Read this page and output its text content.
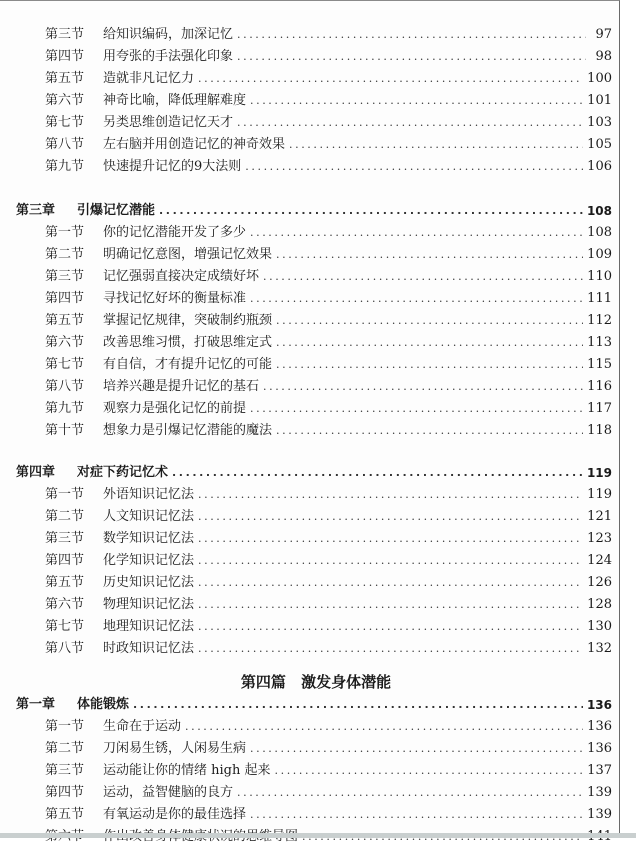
第三节	给知识编码，加深记忆 .....	97
第四节	用夸张的手法强化印象 .....	98
第五节	造就非凡记忆力 .....	100
第六节	神奇比喻，降低理解难度 .....	101
第七节	另类思维创造记忆天才 .....	103
第八节	左右脑并用创造记忆的神奇效果 .....	105
第九节	快速提升记忆的9大法则 .....	106
第三章	引爆记忆潜能 .....	108
第一节	你的记忆潜能开发了多少 .....	108
第二节	明确记忆意图，增强记忆效果 .....	109
第三节	记忆强弱直接决定成绩好坏 .....	110
第四节	寻找记忆好坏的衡量标准 .....	111
第五节	掌握记忆规律，突破制约瓶颈 .....	112
第六节	改善思维习惯，打破思维定式 .....	113
第七节	有自信，才有提升记忆的可能 .....	115
第八节	培养兴趣是提升记忆的基石 .....	116
第九节	观察力是强化记忆的前提 .....	117
第十节	想象力是引爆记忆潜能的魔法 .....	118
第四章	对症下药记忆术 .....	119
第一节	外语知识记忆法 .....	119
第二节	人文知识记忆法 .....	121
第三节	数学知识记忆法 .....	123
第四节	化学知识记忆法 .....	124
第五节	历史知识记忆法 .....	126
第六节	物理知识记忆法 .....	128
第七节	地理知识记忆法 .....	130
第八节	时政知识记忆法 .....	132
第四篇 激发身体潜能
第一章	体能锻炼 .....	136
第一节	生命在于运动 .....	136
第二节	刀闲易生锈，人闲易生病 .....	136
第三节	运动能让你的情绪 high 起来 .....	137
第四节	运动，益智健脑的良方 .....	139
第五节	有氧运动是你的最佳选择 .....	139
.....
